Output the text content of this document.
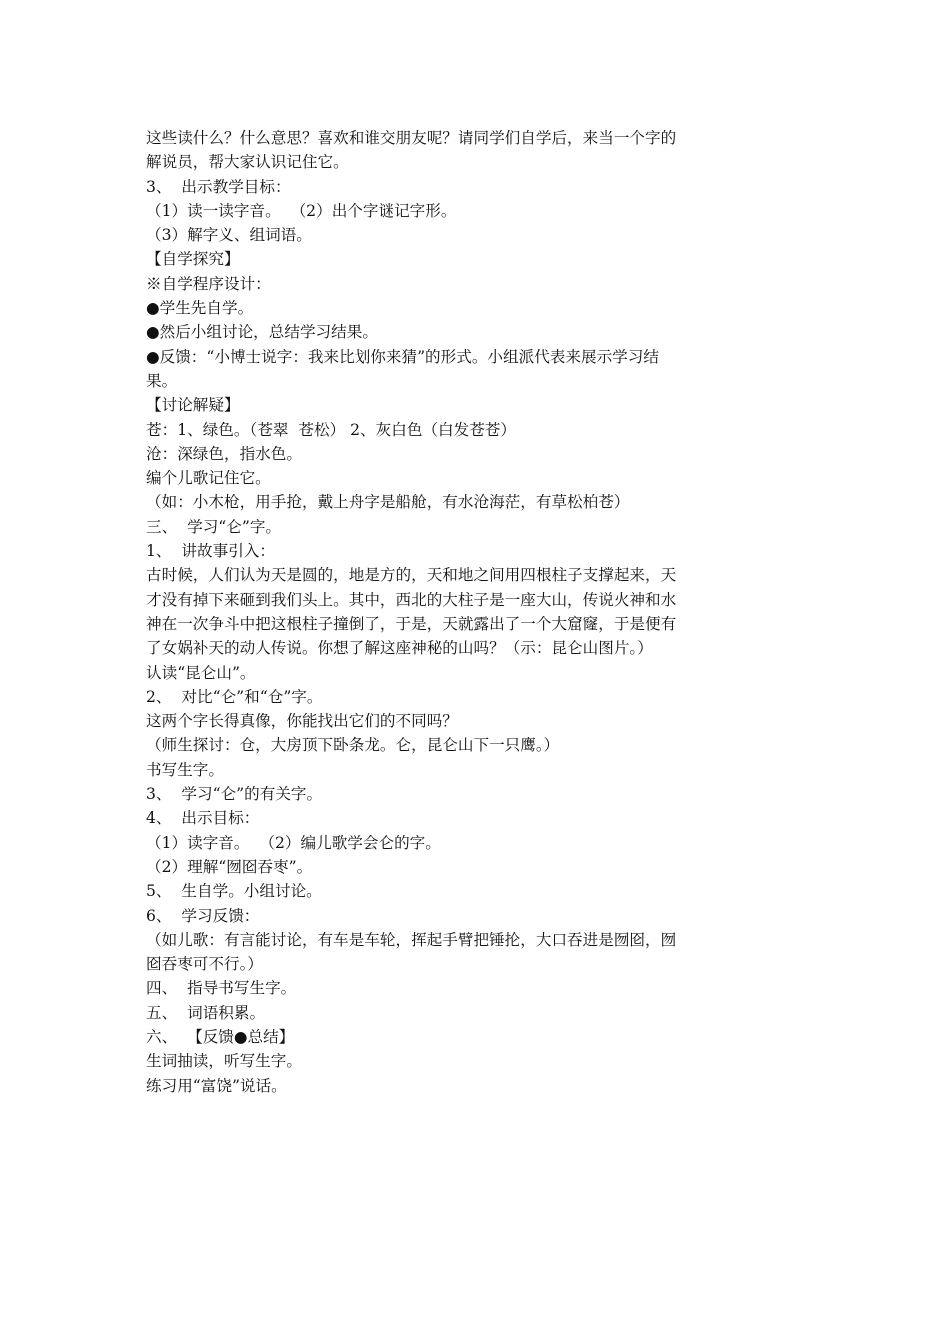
这些读什么？什么意思？喜欢和谁交朋友呢？请同学们自学后，来当一个字的
解说员，帮大家认识记住它。
3、  出示教学目标：
（1）读一读字音。  （2）出个字谜记字形。
（3）解字义、组词语。
【自学探究】
※自学程序设计：
●学生先自学。
●然后小组讨论，总结学习结果。
●反馈：“小博士说字：我来比划你来猜”的形式。小组派代表来展示学习结
果。
【讨论解疑】
苍：1、绿色。（苍翠  苍松） 2、灰白色（白发苍苍）
沧：深绿色，指水色。
编个儿歌记住它。
（如：小木枪，用手抢，戴上舟字是船舱，有水沧海茫，有草松柏苍）
三、  学习“仑”字。
1、  讲故事引入：
古时候，人们认为天是圆的，地是方的，天和地之间用四根柱子支撑起来，天
才没有掉下来砸到我们头上。其中，西北的大柱子是一座大山，传说火神和水
神在一次争斗中把这根柱子撞倒了，于是，天就露出了一个大窟窿，于是便有
了女娲补天的动人传说。你想了解这座神秘的山吗？（示：昆仑山图片。）
认读“昆仑山”。
2、  对比“仑”和“仓”字。
这两个字长得真像，你能找出它们的不同吗？
（师生探讨：仓，大房顶下卧条龙。仑，昆仑山下一只鹰。）
书写生字。
3、  学习“仑”的有关字。
4、  出示目标：
（1）读字音。  （2）编儿歌学会仑的字。
（2）理解“囫囵吞枣”。
5、  生自学。小组讨论。
6、  学习反馈：
（如儿歌：有言能讨论，有车是车轮，挥起手臂把锤抡，大口吞进是囫囵，囫
囵吞枣可不行。）
四、  指导书写生字。
五、  词语积累。
六、  【反馈●总结】
生词抽读，听写生字。
练习用“富饶”说话。
